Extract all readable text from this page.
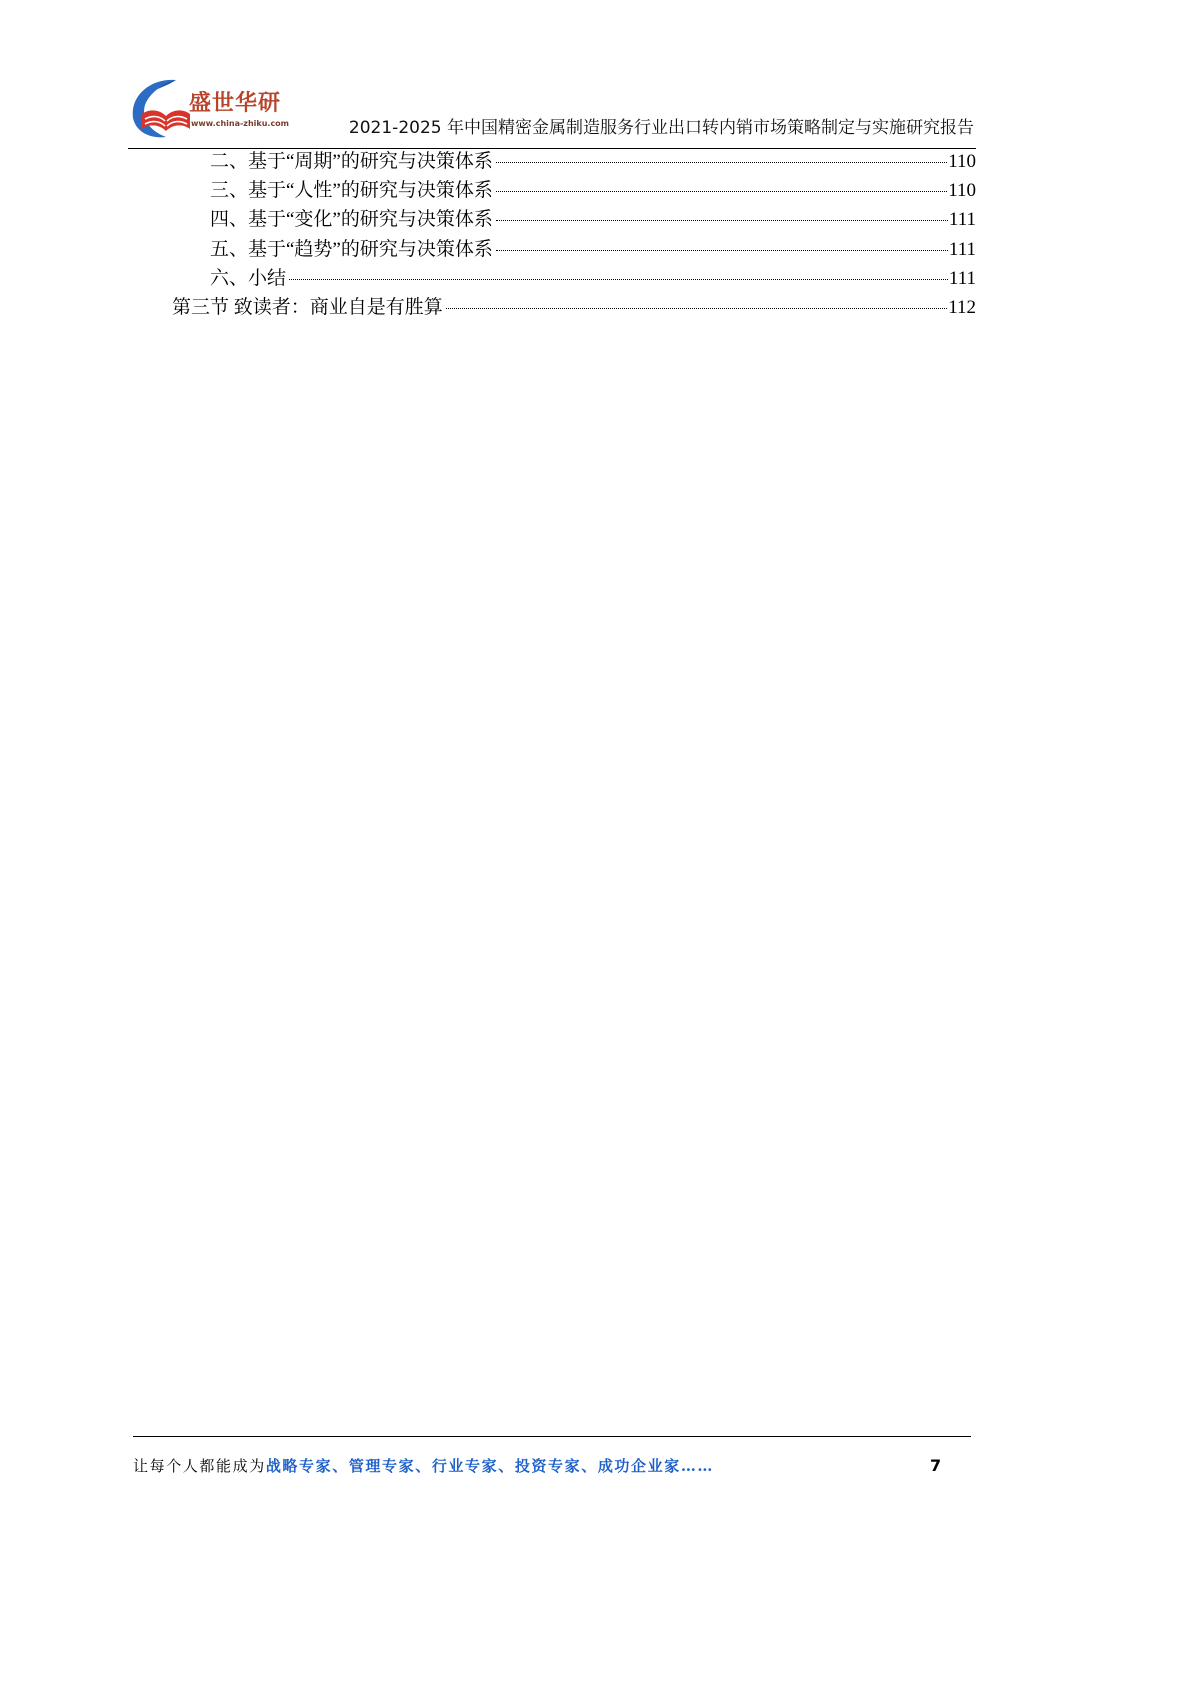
盛世华研
www.china-zhiku.com	2021-2025 年中国精密金属制造服务行业出口转内销市场策略制定与实施研究报告
二、基于“周期”的研究与决策体系	110
三、基于“人性”的研究与决策体系	110
四、基于“变化”的研究与决策体系	111
五、基于“趋势”的研究与决策体系	111
六、小结	111
第三节 致读者：商业自是有胜算	112
让每个人都能成为战略专家、管理专家、行业专家、投资专家、成功企业家……	7
